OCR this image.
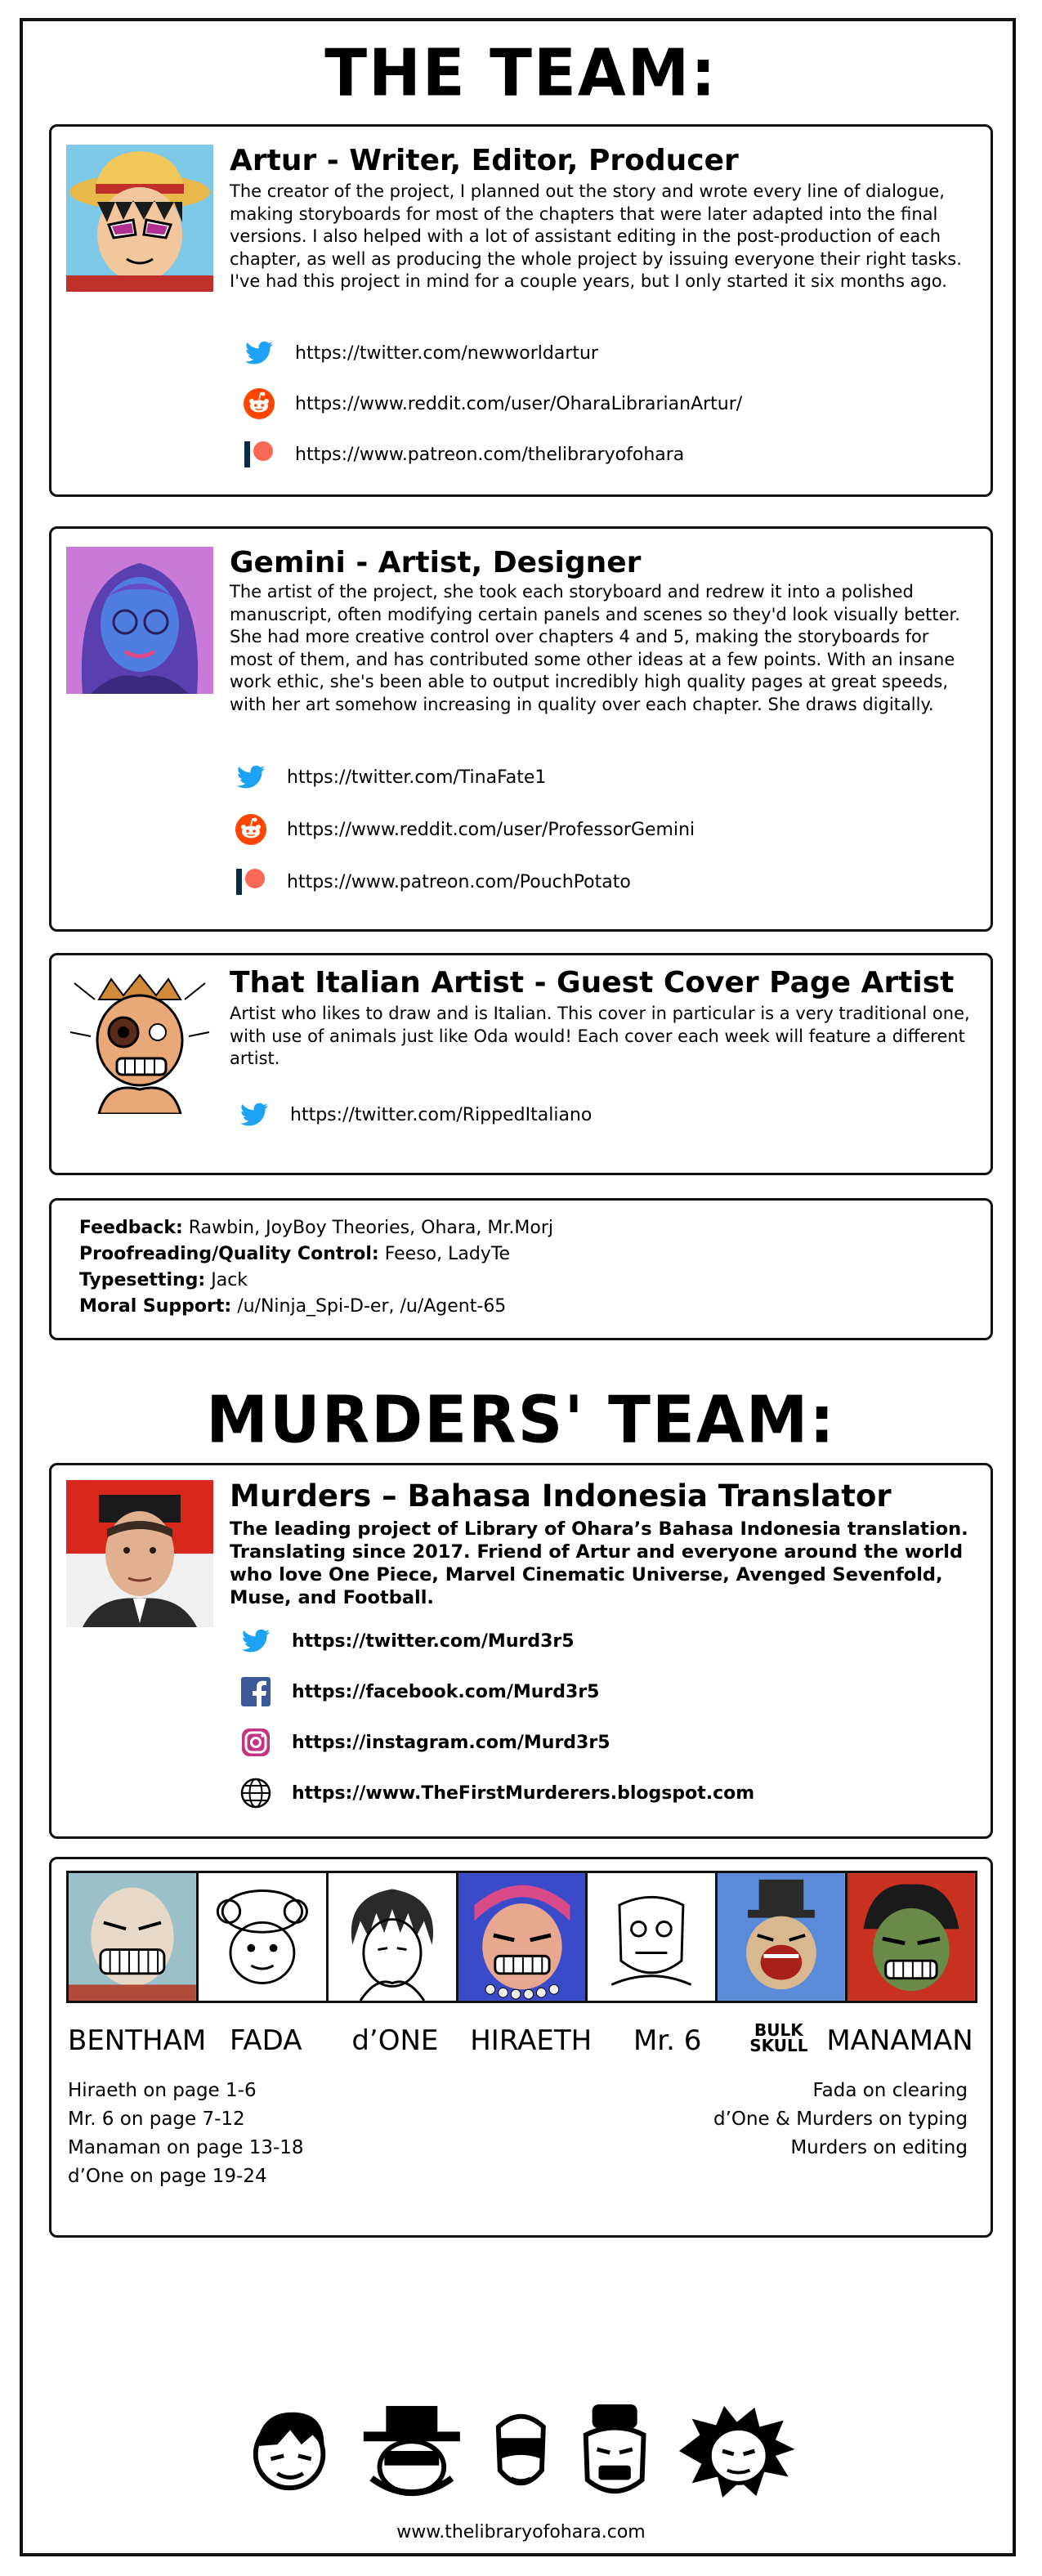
THE TEAM:
Artur - Writer, Editor, Producer
The creator of the project, I planned out the story and wrote every line of dialogue, making storyboards for most of the chapters that were later adapted into the final versions. I also helped with a lot of assistant editing in the post-production of each chapter, as well as producing the whole project by issuing everyone their right tasks. I've had this project in mind for a couple years, but I only started it six months ago.
https://twitter.com/newworldartur
https://www.reddit.com/user/OharaLibrarianArtur/
https://www.patreon.com/thelibraryofohara
Gemini - Artist, Designer
The artist of the project, she took each storyboard and redrew it into a polished manuscript, often modifying certain panels and scenes so they'd look visually better. She had more creative control over chapters 4 and 5, making the storyboards for most of them, and has contributed some other ideas at a few points. With an insane work ethic, she's been able to output incredibly high quality pages at great speeds, with her art somehow increasing in quality over each chapter. She draws digitally.
https://twitter.com/TinaFate1
https://www.reddit.com/user/ProfessorGemini
https://www.patreon.com/PouchPotato
That Italian Artist - Guest Cover Page Artist
Artist who likes to draw and is Italian. This cover in particular is a very traditional one, with use of animals just like Oda would! Each cover each week will feature a different artist.
https://twitter.com/RippedItaliano
Feedback: Rawbin, JoyBoy Theories, Ohara, Mr.Morj
Proofreading/Quality Control: Feeso, LadyTe
Typesetting: Jack
Moral Support: /u/Ninja_Spi-D-er, /u/Agent-65
MURDERS' TEAM:
Murders – Bahasa Indonesia Translator
The leading project of Library of Ohara’s Bahasa Indonesia translation. Translating since 2017. Friend of Artur and everyone around the world who love One Piece, Marvel Cinematic Universe, Avenged Sevenfold, Muse, and Football.
https://twitter.com/Murd3r5
https://facebook.com/Murd3r5
https://instagram.com/Murd3r5
https://www.TheFirstMurderers.blogspot.com
BENTHAM FADA d’ONE HIRAETH Mr. 6	BULK
SKULL MANAMAN
Hiraeth on page 1-6
Mr. 6 on page 7-12
Manaman on page 13-18
d’One on page 19-24
Fada on clearing
d’One & Murders on typing
Murders on editing
www.thelibraryofohara.com
